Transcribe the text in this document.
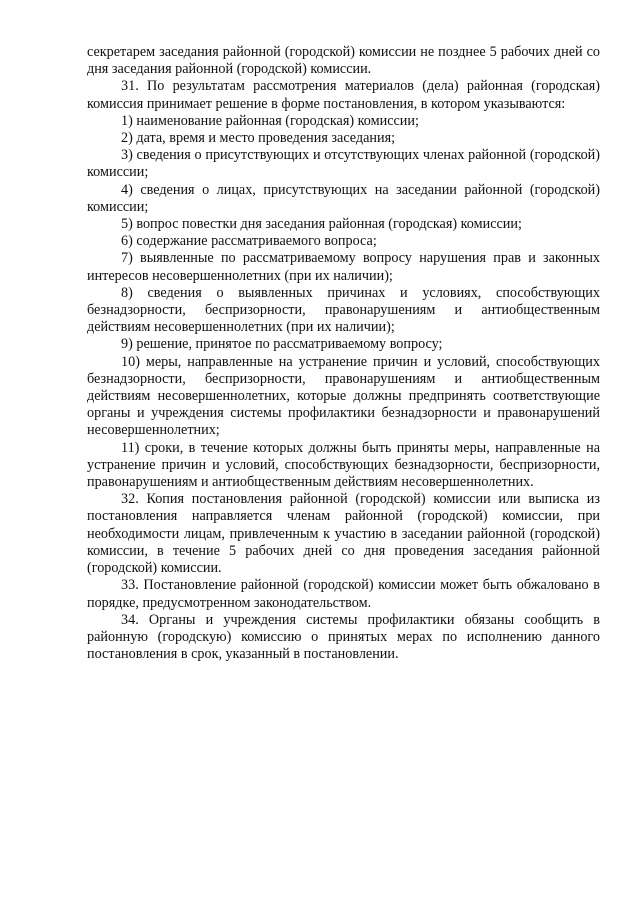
секретарем заседания районной (городской) комиссии не позднее 5 рабочих дней со дня заседания районной (городской) комиссии.

31. По результатам рассмотрения материалов (дела) районная (городская) комиссия принимает решение в форме постановления, в котором указываются:

1) наименование районная (городская) комиссии;

2) дата, время и место проведения заседания;

3) сведения о присутствующих и отсутствующих членах районной (городской) комиссии;

4) сведения о лицах, присутствующих на заседании районной (городской) комиссии;

5) вопрос повестки дня заседания районная (городская) комиссии;

6) содержание рассматриваемого вопроса;

7) выявленные по рассматриваемому вопросу нарушения прав и законных интересов несовершеннолетних (при их наличии);

8) сведения о выявленных причинах и условиях, способствующих безнадзорности, беспризорности, правонарушениям и антиобщественным действиям несовершеннолетних (при их наличии);

9) решение, принятое по рассматриваемому вопросу;

10) меры, направленные на устранение причин и условий, способствующих безнадзорности, беспризорности, правонарушениям и антиобщественным действиям несовершеннолетних, которые должны предпринять соответствующие органы и учреждения системы профилактики безнадзорности и правонарушений несовершеннолетних;

11) сроки, в течение которых должны быть приняты меры, направленные на устранение причин и условий, способствующих безнадзорности, беспризорности, правонарушениям и антиобщественным действиям несовершеннолетних.

32. Копия постановления районной (городской) комиссии или выписка из постановления направляется членам районной (городской) комиссии, при необходимости лицам, привлеченным к участию в заседании районной (городской) комиссии, в течение 5 рабочих дней со дня проведения заседания районной (городской) комиссии.

33. Постановление районной (городской) комиссии может быть обжаловано в порядке, предусмотренном законодательством.

34. Органы и учреждения системы профилактики обязаны сообщить в районную (городскую) комиссию о принятых мерах по исполнению данного постановления в срок, указанный в постановлении.
